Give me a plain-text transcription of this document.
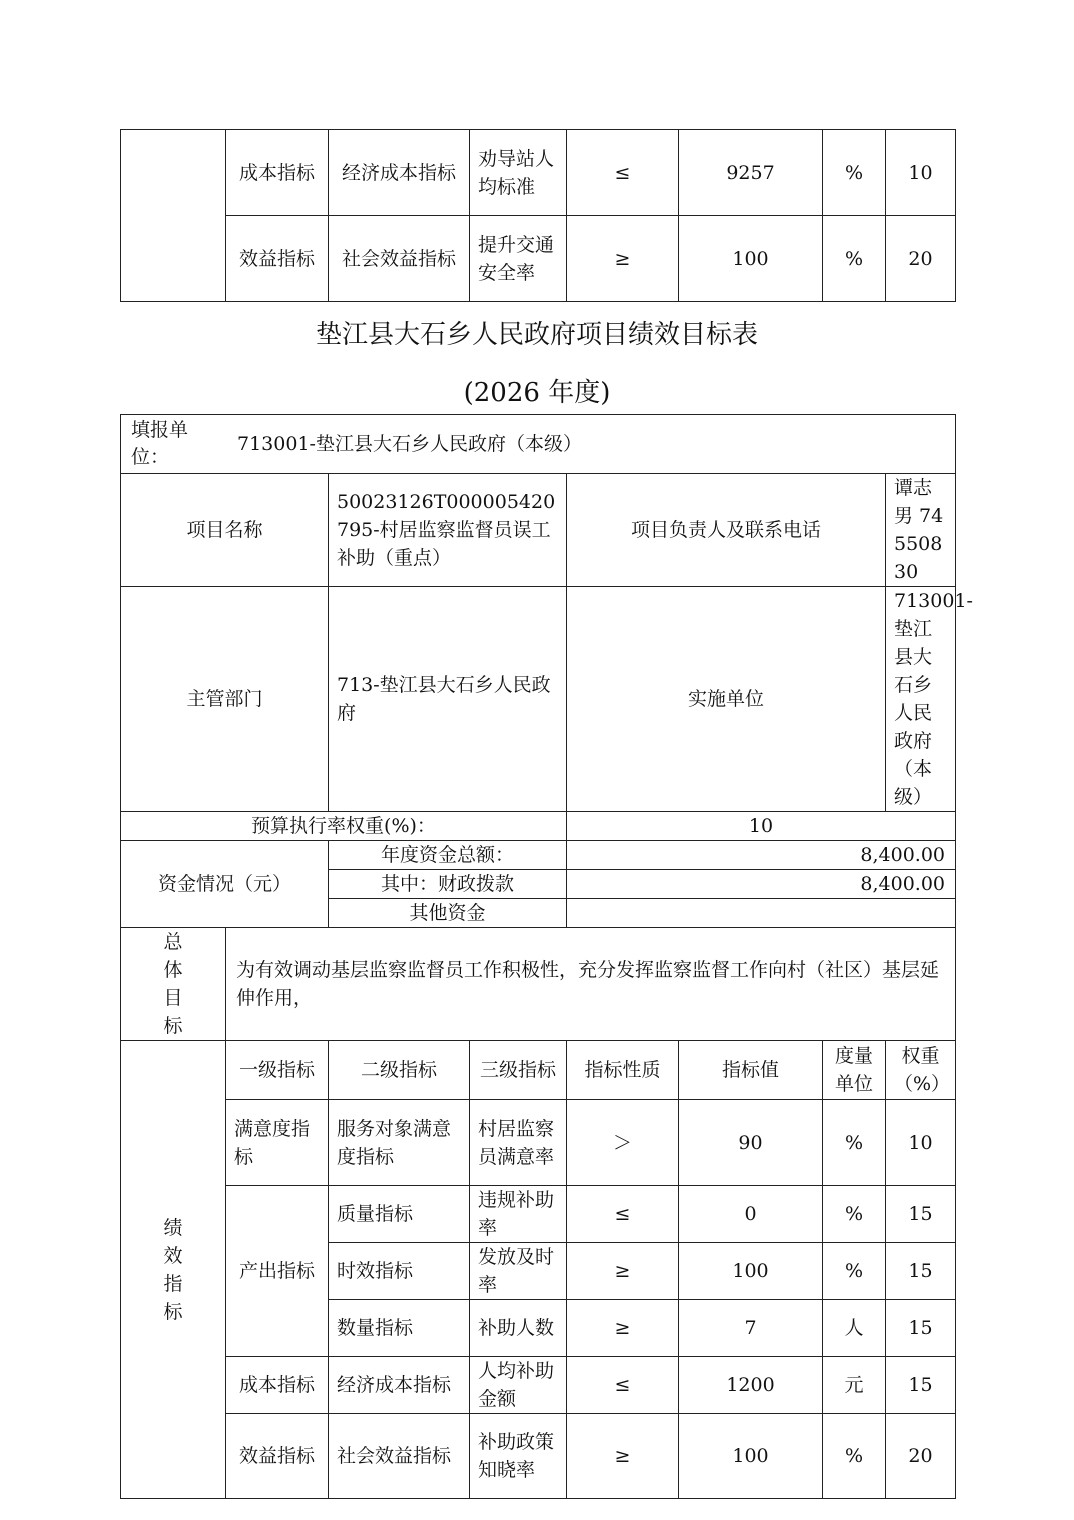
	成本指标	经济成本指标	劝导站人均标准	≤	9257	%	10
	效益指标	社会效益指标	提升交通安全率	≥	100	%	20
垫江县大石乡人民政府项目绩效目标表
(2026 年度)
填报单位：
713001-垫江县大石乡人民政府（本级）							

项目名称		50023126T000005420795-村居监察监督员误工补助（重点）		项目负责人及联系电话			谭志男 74550830
主管部门		713-垫江县大石乡人民政府		实施单位			713001-垫江县大石乡人民政府（本级）
预算执行率权重(%)：				10			
资金情况（元）		年度资金总额：		8,400.00			
		其中：财政拨款		8,400.00			
		其他资金					
总体目标	为有效调动基层监察监督员工作积极性，充分发挥监察监督工作向村（社区）基层延伸作用，						
绩效指标	一级指标	二级指标	三级指标	指标性质	指标值	度量单位	权重（%）
	满意度指标	服务对象满意度指标	村居监察员满意率	＞	90	%	10
	产出指标	质量指标	违规补助率	≤	0	%	15
		时效指标	发放及时率	≥	100	%	15
		数量指标	补助人数	≥	7	人	15
	成本指标	经济成本指标	人均补助金额	≤	1200	元	15
	效益指标	社会效益指标	补助政策知晓率	≥	100	%	20
